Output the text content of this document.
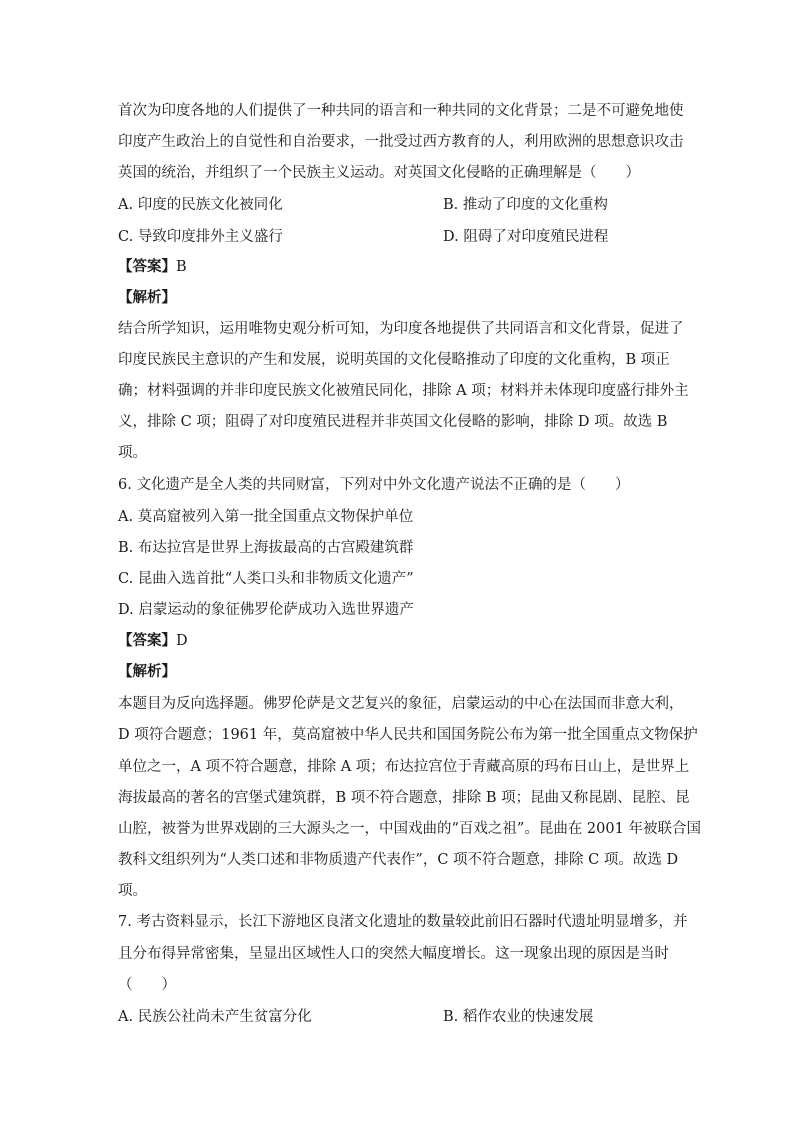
首次为印度各地的人们提供了一种共同的语言和一种共同的文化背景；二是不可避免地使
印度产生政治上的自觉性和自治要求，一批受过西方教育的人，利用欧洲的思想意识攻击
英国的统治，并组织了一个民族主义运动。对英国文化侵略的正确理解是（　　）
A. 印度的民族文化被同化	B. 推动了印度的文化重构
C. 导致印度排外主义盛行	D. 阻碍了对印度殖民进程
【答案】B
【解析】
结合所学知识，运用唯物史观分析可知，为印度各地提供了共同语言和文化背景，促进了
印度民族民主意识的产生和发展，说明英国的文化侵略推动了印度的文化重构，B 项正
确；材料强调的并非印度民族文化被殖民同化，排除 A 项；材料并未体现印度盛行排外主
义，排除 C 项；阻碍了对印度殖民进程并非英国文化侵略的影响，排除 D 项。故选 B
项。
6. 文化遗产是全人类的共同财富，下列对中外文化遗产说法不正确的是（　　）
A. 莫高窟被列入第一批全国重点文物保护单位
B. 布达拉宫是世界上海拔最高的古宫殿建筑群
C. 昆曲入选首批“人类口头和非物质文化遗产”
D. 启蒙运动的象征佛罗伦萨成功入选世界遗产
【答案】D
【解析】
本题目为反向选择题。佛罗伦萨是文艺复兴的象征，启蒙运动的中心在法国而非意大利，
D 项符合题意；1961 年，莫高窟被中华人民共和国国务院公布为第一批全国重点文物保护
单位之一，A 项不符合题意，排除 A 项；布达拉宫位于青藏高原的玛布日山上，是世界上
海拔最高的著名的宫堡式建筑群，B 项不符合题意，排除 B 项；昆曲又称昆剧、昆腔、昆
山腔，被誉为世界戏剧的三大源头之一，中国戏曲的“百戏之祖”。昆曲在 2001 年被联合国
教科文组织列为“人类口述和非物质遗产代表作”，C 项不符合题意，排除 C 项。故选 D
项。
7. 考古资料显示，长江下游地区良渚文化遗址的数量较此前旧石器时代遗址明显增多，并
且分布得异常密集，呈显出区域性人口的突然大幅度增长。这一现象出现的原因是当时
（　　）
A. 民族公社尚未产生贫富分化	B. 稻作农业的快速发展
